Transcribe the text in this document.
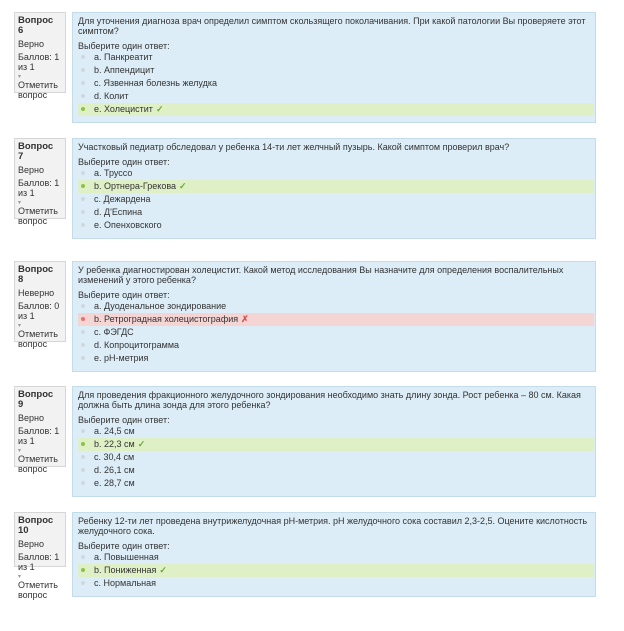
Вопрос
6
Верно
Баллов: 1 из 1
▾
Отметить вопрос

Для уточнения диагноза врач определил симптом скользящего поколачивания. При какой патологии Вы проверяете этот симптом?

Выберите один ответ:

a. Панкреатит
b. Аппендицит
c. Язвенная болезнь желудка
d. Колит
e. Холецистит ✓
Вопрос
7
Верно
Баллов: 1 из 1
▾
Отметить вопрос

Участковый педиатр обследовал у ребенка 14-ти лет желчный пузырь. Какой симптом проверил врач?

Выберите один ответ:

a. Труссо
b. Ортнера-Грекова ✓
c. Дежардена
d. Д'Еспина
e. Опенховского
Вопрос
8
Неверно
Баллов: 0 из 1
▾
Отметить вопрос

У ребенка диагностирован холецистит. Какой метод исследования Вы назначите для определения воспалительных изменений у этого ребенка?

Выберите один ответ:

a. Дуоденальное зондирование
b. Ретроградная холецистография ✗
c. ФЭГДС
d. Копроцитограмма
e. pH-метрия
Вопрос
9
Верно
Баллов: 1 из 1
▾
Отметить вопрос

Для проведения фракционного желудочного зондирования необходимо знать длину зонда. Рост ребенка – 80 см. Какая должна быть длина зонда для этого ребенка?

Выберите один ответ:

a. 24,5 см
b. 22,3 см ✓
c. 30,4 см
d. 26,1 см
e. 28,7 см
Вопрос
10
Верно
Баллов: 1 из 1
▾
Отметить вопрос

Ребенку 12-ти лет проведена внутрижелудочная pH-метрия. pH желудочного сока составил 2,3-2,5. Оцените кислотность желудочного сока.

Выберите один ответ:

a. Повышенная
b. Пониженная ✓
c. Нормальная
